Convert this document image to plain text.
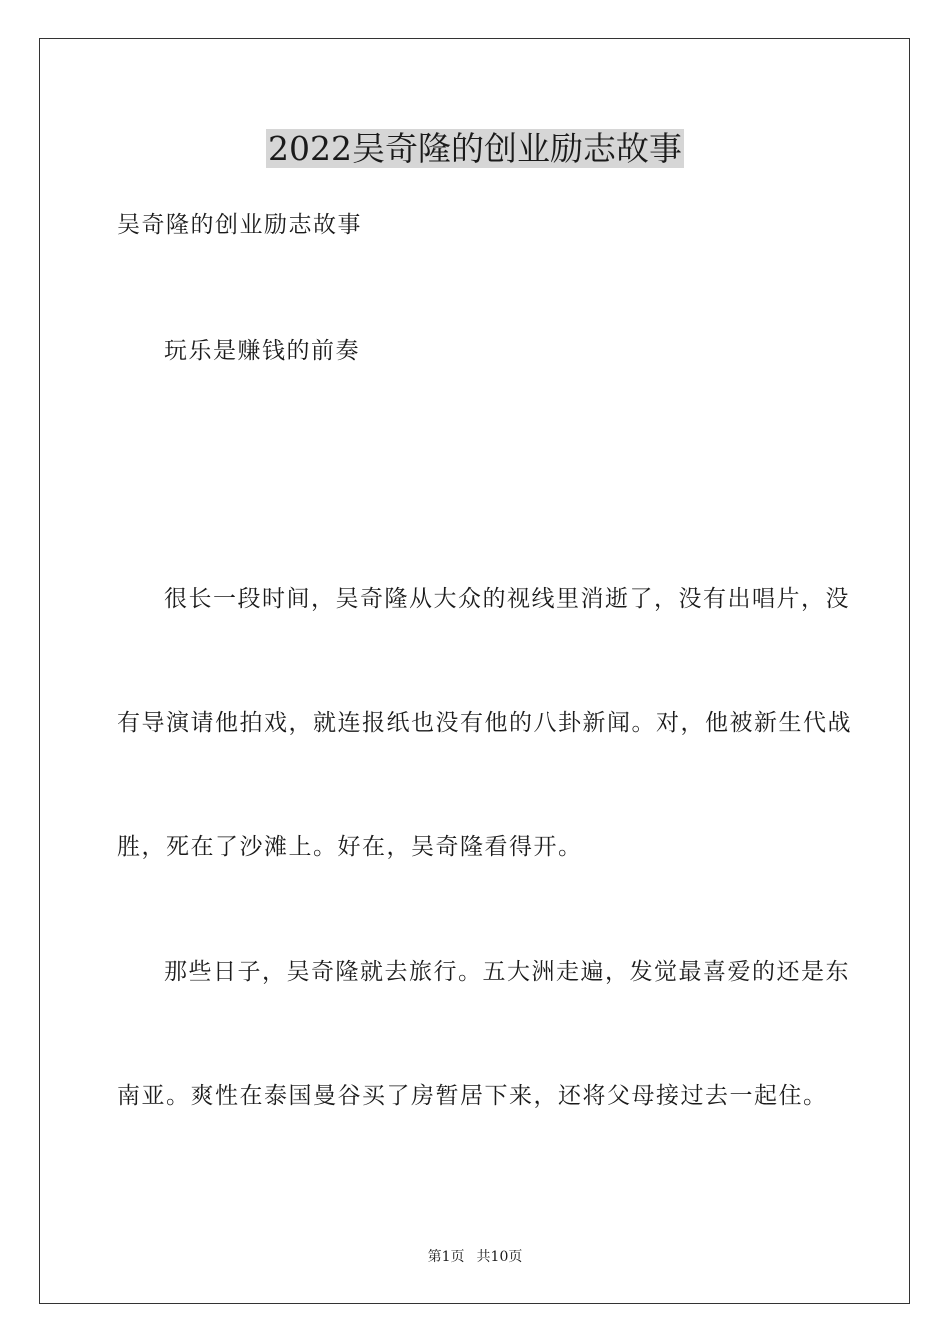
2022吴奇隆的创业励志故事

吴奇隆的创业励志故事

玩乐是赚钱的前奏

很长一段时间，吴奇隆从大众的视线里消逝了，没有出唱片，没

有导演请他拍戏，就连报纸也没有他的八卦新闻。对，他被新生代战

胜，死在了沙滩上。好在，吴奇隆看得开。

那些日子，吴奇隆就去旅行。五大洲走遍，发觉最喜爱的还是东

南亚。爽性在泰国曼谷买了房暂居下来，还将父母接过去一起住。

第1页 共10页
